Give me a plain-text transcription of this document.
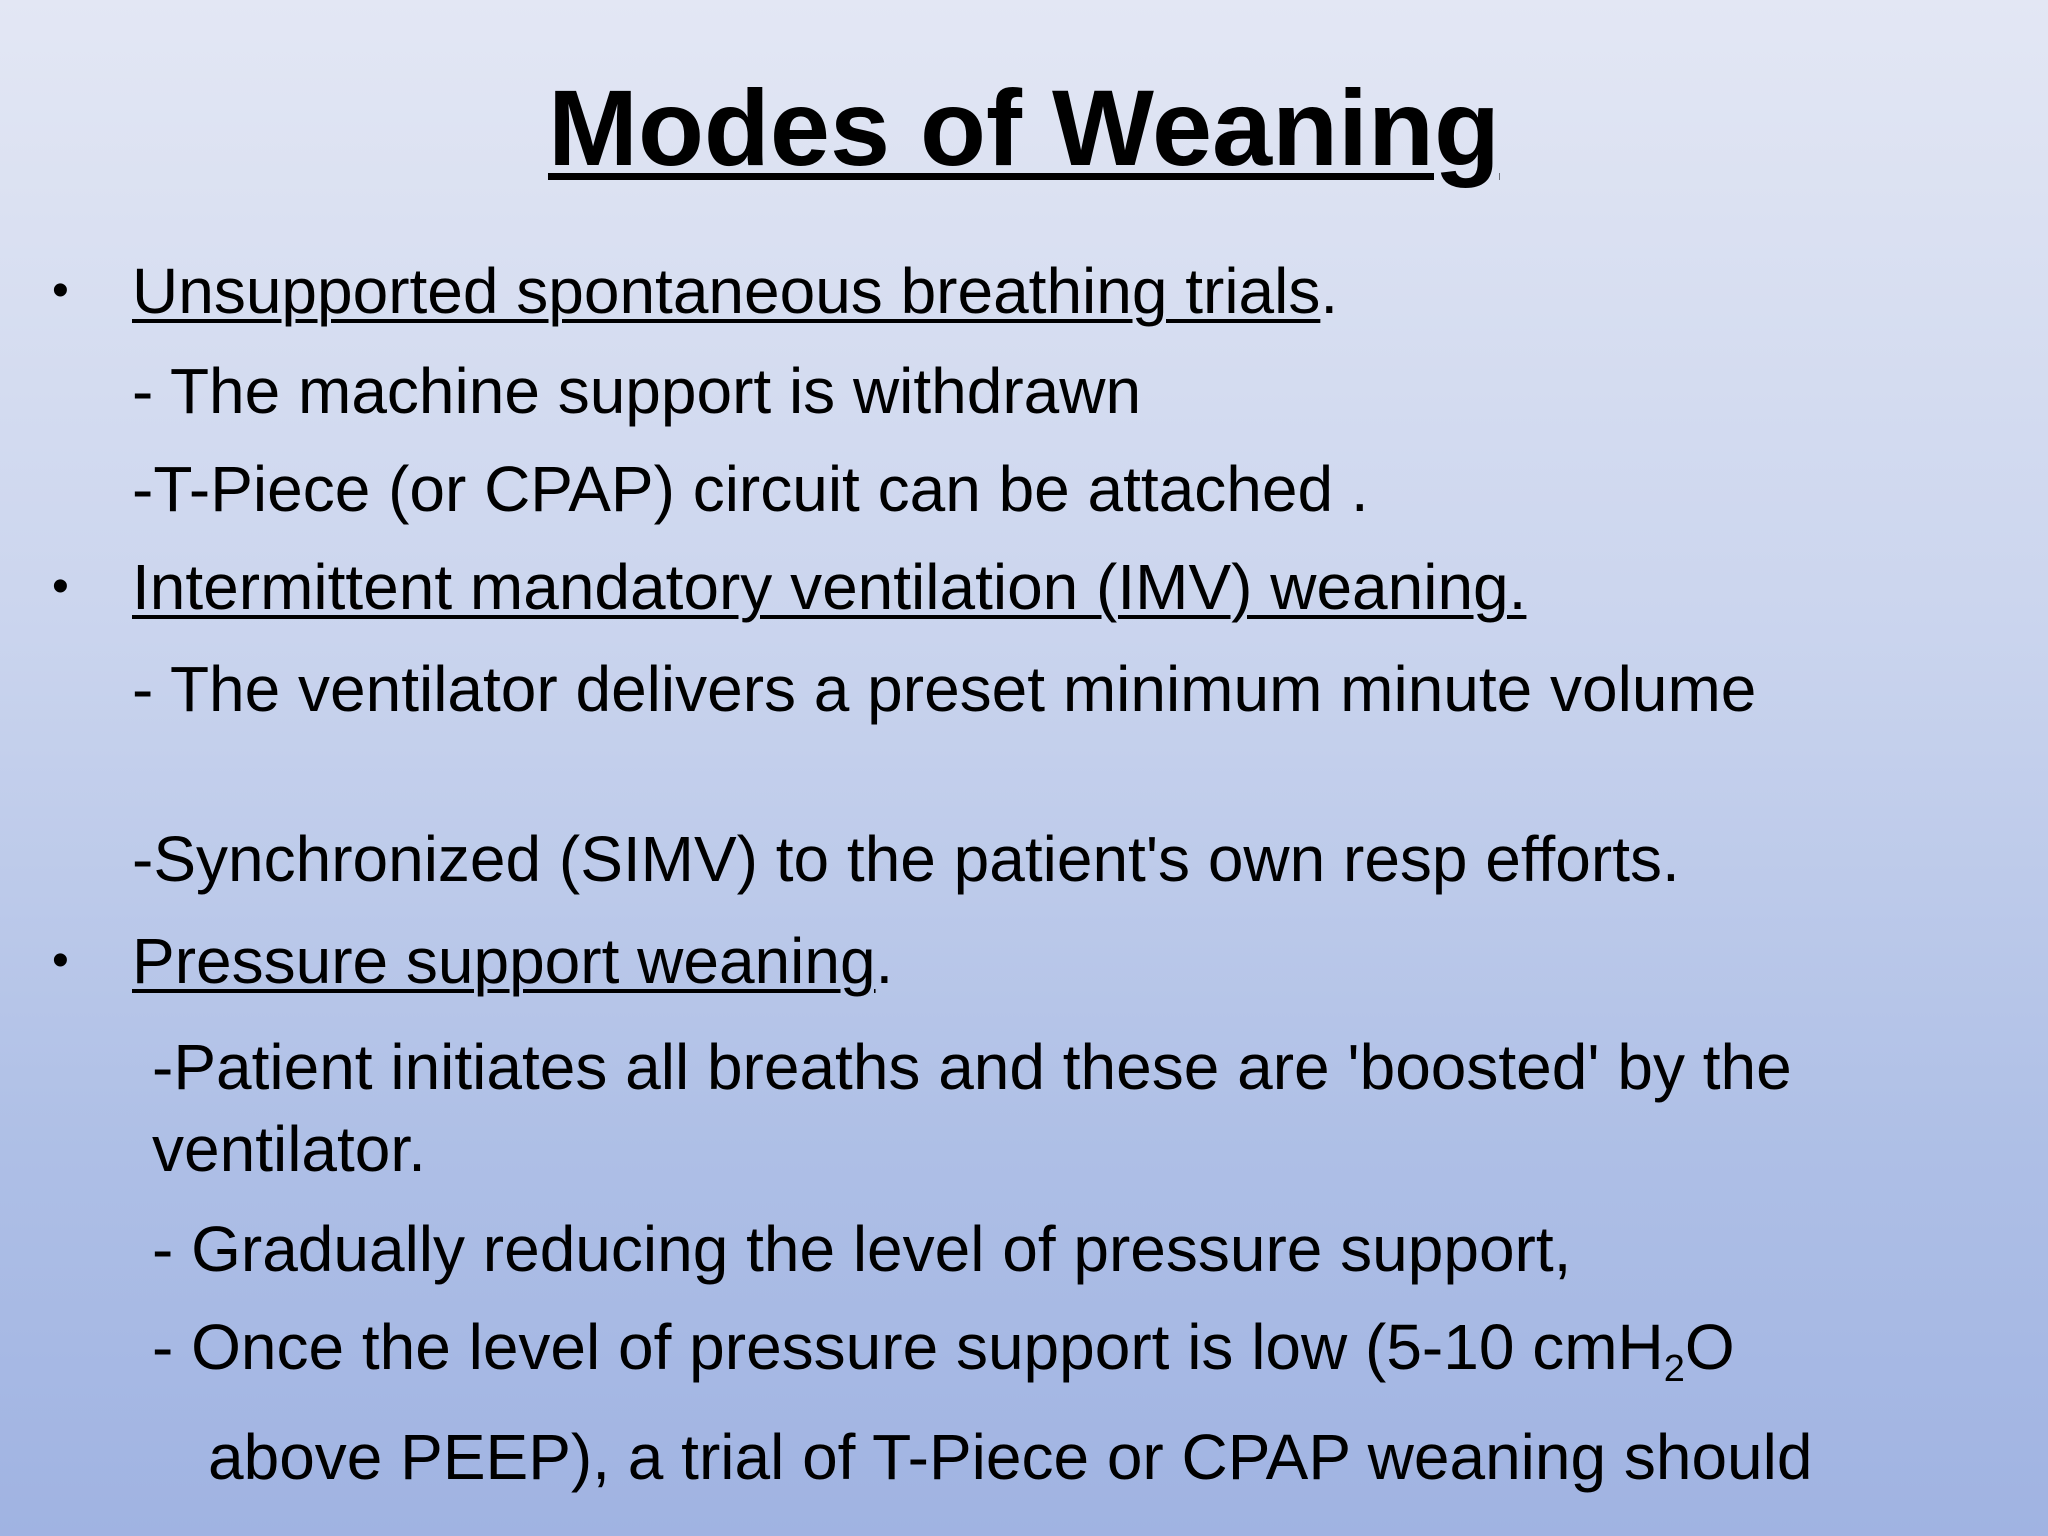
Modes of Weaning
• Unsupported spontaneous breathing trials.
- The machine support is withdrawn
-T-Piece (or CPAP) circuit can be attached .
• Intermittent mandatory ventilation (IMV) weaning.
- The ventilator delivers a preset minimum minute volume
-Synchronized (SIMV) to the patient's own resp efforts.
• Pressure support weaning.
-Patient initiates all breaths and these are 'boosted' by the
ventilator.
- Gradually reducing the level of pressure support,
- Once the level of pressure support is low (5-10 cmH$_2$O
above PEEP), a trial of T-Piece or CPAP weaning should
